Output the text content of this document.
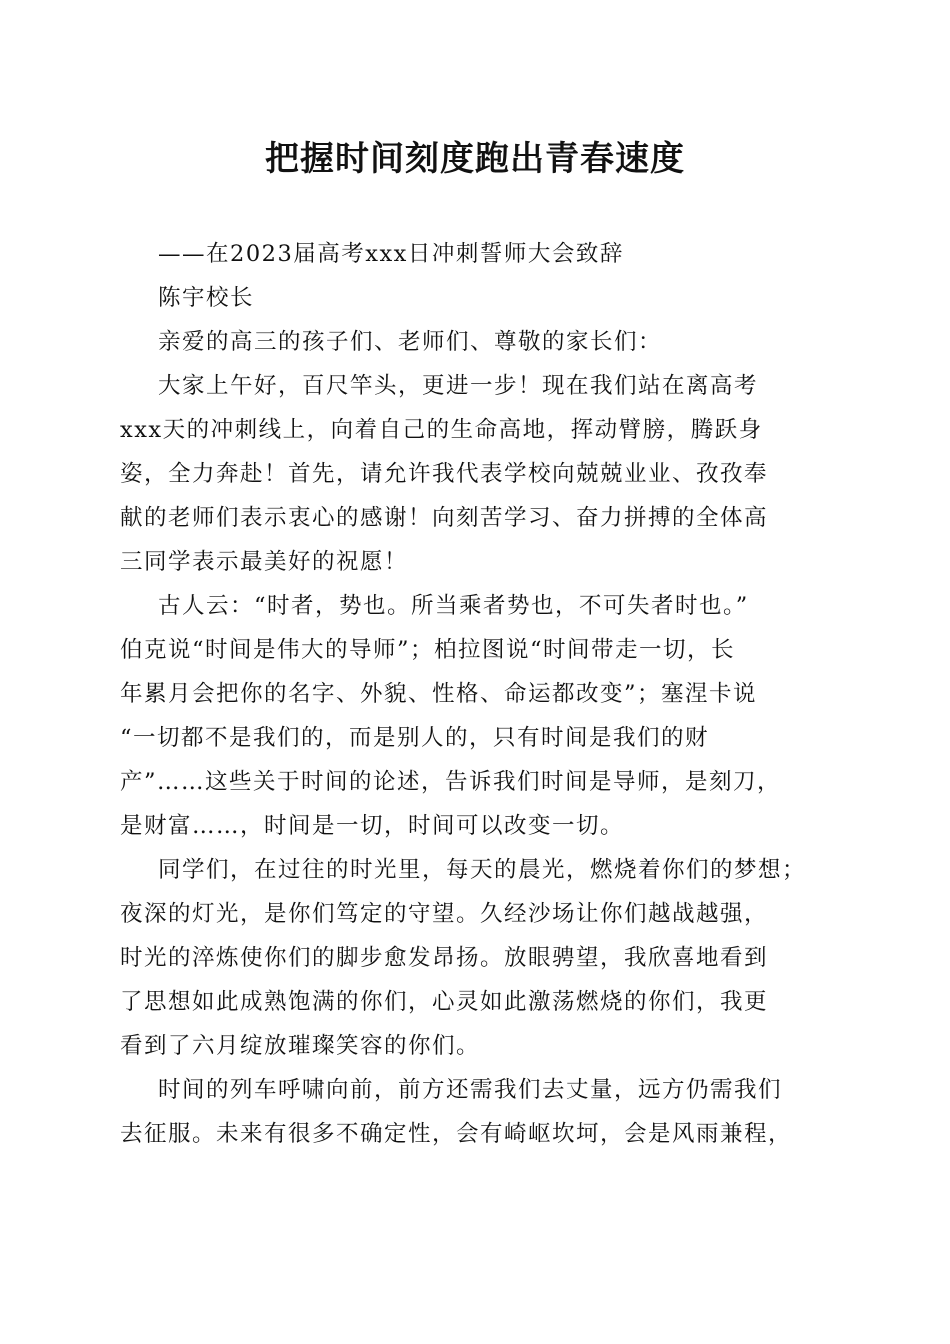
把握时间刻度跑出青春速度
——在2023届高考xxx日冲刺誓师大会致辞
陈宇校长
亲爱的高三的孩子们、老师们、尊敬的家长们：
大家上午好，百尺竿头，更进一步！现在我们站在离高考
xxx天的冲刺线上，向着自己的生命高地，挥动臂膀，腾跃身
姿，全力奔赴！首先，请允许我代表学校向兢兢业业、孜孜奉
献的老师们表示衷心的感谢！向刻苦学习、奋力拼搏的全体高
三同学表示最美好的祝愿！
古人云：“时者，势也。所当乘者势也，不可失者时也。”
伯克说“时间是伟大的导师”；柏拉图说“时间带走一切，长
年累月会把你的名字、外貌、性格、命运都改变”；塞涅卡说
“一切都不是我们的，而是别人的，只有时间是我们的财
产”……这些关于时间的论述，告诉我们时间是导师，是刻刀，
是财富……，时间是一切，时间可以改变一切。
同学们，在过往的时光里，每天的晨光，燃烧着你们的梦想；
夜深的灯光，是你们笃定的守望。久经沙场让你们越战越强，
时光的淬炼使你们的脚步愈发昂扬。放眼骋望，我欣喜地看到
了思想如此成熟饱满的你们，心灵如此激荡燃烧的你们，我更
看到了六月绽放璀璨笑容的你们。
时间的列车呼啸向前，前方还需我们去丈量，远方仍需我们
去征服。未来有很多不确定性，会有崎岖坎坷，会是风雨兼程，
